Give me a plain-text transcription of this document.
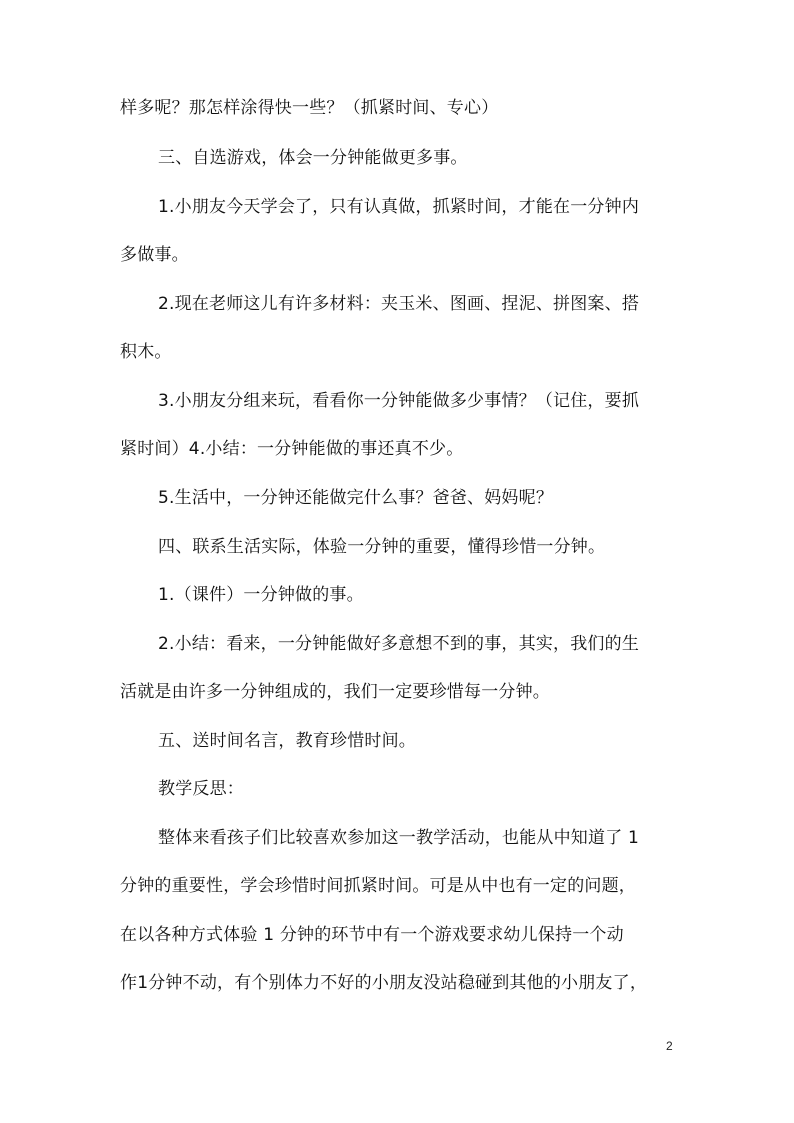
样多呢？那怎样涂得快一些？（抓紧时间、专心）
三、自选游戏，体会一分钟能做更多事。
1.小朋友今天学会了，只有认真做，抓紧时间，才能在一分钟内
多做事。
2.现在老师这儿有许多材料：夹玉米、图画、捏泥、拼图案、搭
积木。
3.小朋友分组来玩，看看你一分钟能做多少事情？（记住，要抓
紧时间）4.小结：一分钟能做的事还真不少。
5.生活中，一分钟还能做完什么事？爸爸、妈妈呢？
四、联系生活实际，体验一分钟的重要，懂得珍惜一分钟。
1.（课件）一分钟做的事。
2.小结：看来，一分钟能做好多意想不到的事，其实，我们的生
活就是由许多一分钟组成的，我们一定要珍惜每一分钟。
五、送时间名言，教育珍惜时间。
教学反思：
整体来看孩子们比较喜欢参加这一教学活动，也能从中知道了 1
分钟的重要性，学会珍惜时间抓紧时间。可是从中也有一定的问题，
在以各种方式体验 1 分钟的环节中有一个游戏要求幼儿保持一个动
作1分钟不动，有个别体力不好的小朋友没站稳碰到其他的小朋友了，
2
